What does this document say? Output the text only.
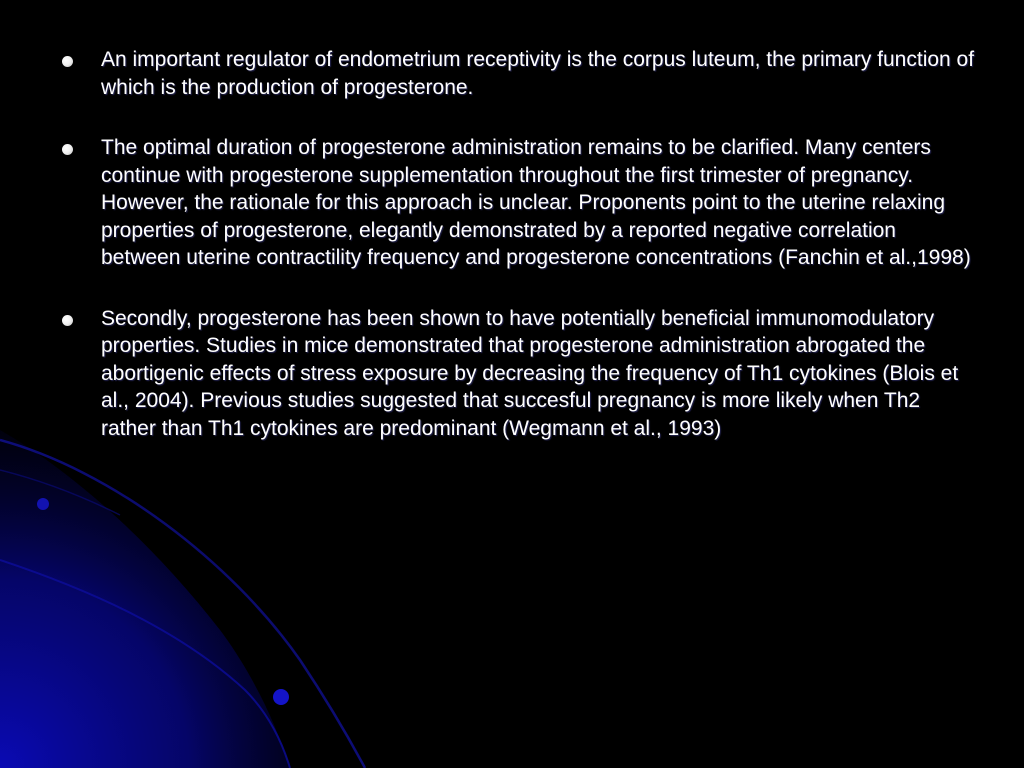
An important regulator of endometrium receptivity is the corpus luteum, the primary function of which is the production of progesterone.
The optimal duration of progesterone administration remains to be clarified. Many centers continue with progesterone supplementation throughout the first trimester of pregnancy. However, the rationale for this approach is unclear. Proponents point to the uterine relaxing properties of progesterone, elegantly demonstrated by a reported negative correlation between uterine contractility frequency and progesterone concentrations (Fanchin et al.,1998)
Secondly, progesterone has been shown to have potentially beneficial immunomodulatory properties. Studies in mice demonstrated that progesterone administration abrogated the abortigenic effects of stress exposure by decreasing the frequency of Th1 cytokines (Blois et al., 2004). Previous studies suggested that succesful pregnancy is more likely when Th2 rather than Th1 cytokines are predominant (Wegmann et al., 1993)
